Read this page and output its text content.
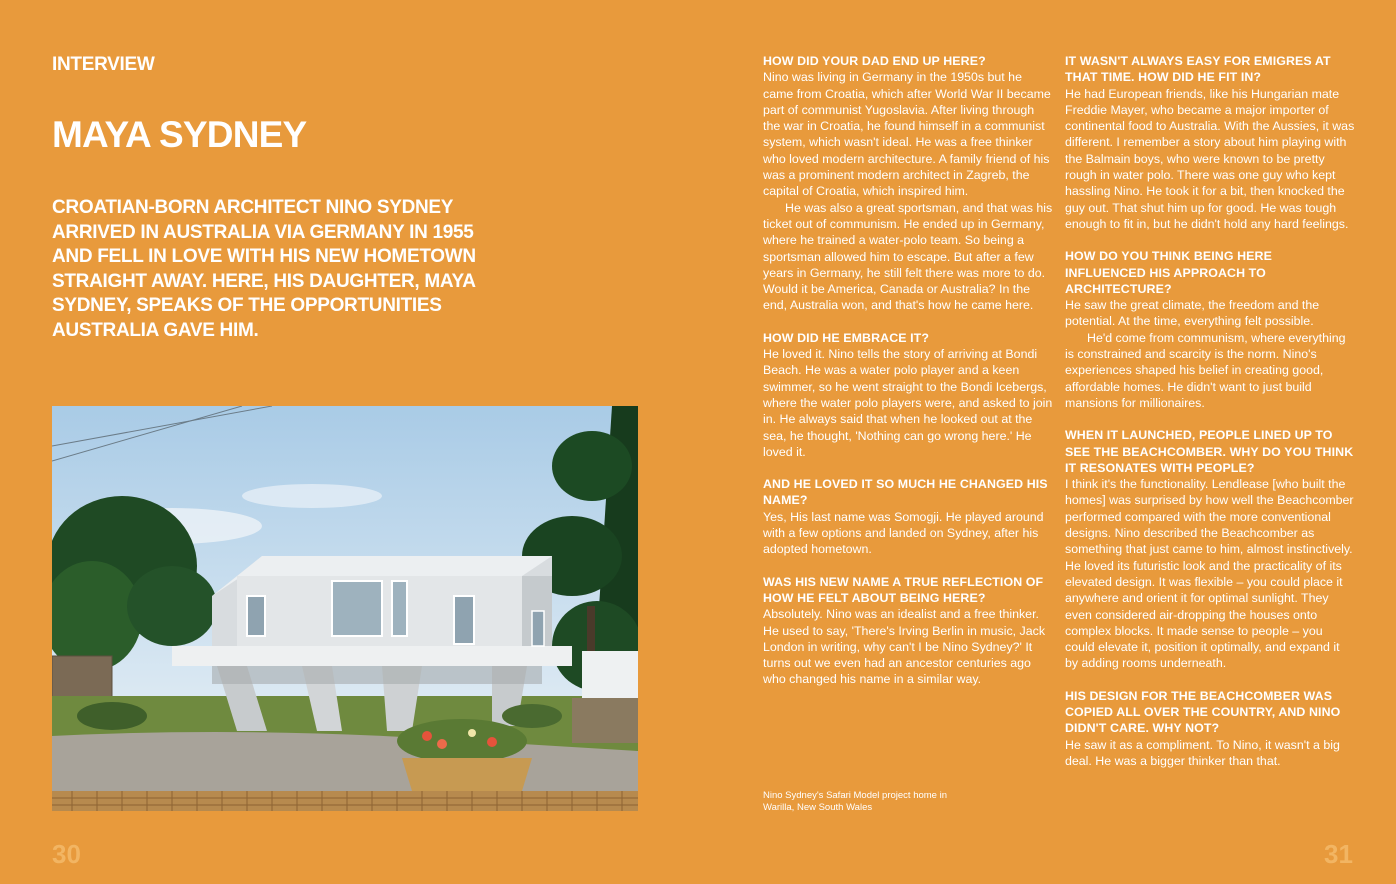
INTERVIEW
MAYA SYDNEY

CROATIAN-BORN ARCHITECT NINO SYDNEY ARRIVED IN AUSTRALIA VIA GERMANY IN 1955 AND FELL IN LOVE WITH HIS NEW HOMETOWN STRAIGHT AWAY. HERE, HIS DAUGHTER, MAYA SYDNEY, SPEAKS OF THE OPPORTUNITIES AUSTRALIA GAVE HIM.

HOW DID YOUR DAD END UP HERE?

Nino was living in Germany in the 1950s but he came from Croatia, which after World War II became part of communist Yugoslavia. After living through the war in Croatia, he found himself in a communist system, which wasn't ideal. He was a free thinker who loved modern architecture. A family friend of his was a prominent modern architect in Zagreb, the capital of Croatia, which inspired him.

He was also a great sportsman, and that was his ticket out of communism. He ended up in Germany, where he trained a water-polo team. So being a sportsman allowed him to escape. But after a few years in Germany, he still felt there was more to do. Would it be America, Canada or Australia? In the end, Australia won, and that's how he came here.

HOW DID HE EMBRACE IT?

He loved it. Nino tells the story of arriving at Bondi Beach. He was a water polo player and a keen swimmer, so he went straight to the Bondi Icebergs, where the water polo players were, and asked to join in. He always said that when he looked out at the sea, he thought, 'Nothing can go wrong here.' He loved it.

AND HE LOVED IT SO MUCH HE CHANGED HIS NAME?

Yes, His last name was Somogji. He played around with a few options and landed on Sydney, after his adopted hometown.

WAS HIS NEW NAME A TRUE REFLECTION OF HOW HE FELT ABOUT BEING HERE?

Absolutely. Nino was an idealist and a free thinker. He used to say, 'There's Irving Berlin in music, Jack London in writing, why can't I be Nino Sydney?' It turns out we even had an ancestor centuries ago who changed his name in a similar way.

IT WASN'T ALWAYS EASY FOR EMIGRES AT THAT TIME. HOW DID HE FIT IN?

He had European friends, like his Hungarian mate Freddie Mayer, who became a major importer of continental food to Australia. With the Aussies, it was different. I remember a story about him playing with the Balmain boys, who were known to be pretty rough in water polo. There was one guy who kept hassling Nino. He took it for a bit, then knocked the guy out. That shut him up for good. He was tough enough to fit in, but he didn't hold any hard feelings.

HOW DO YOU THINK BEING HERE INFLUENCED HIS APPROACH TO ARCHITECTURE?

He saw the great climate, the freedom and the potential. At the time, everything felt possible.

He'd come from communism, where everything is constrained and scarcity is the norm. Nino's experiences shaped his belief in creating good, affordable homes. He didn't want to just build mansions for millionaires.

WHEN IT LAUNCHED, PEOPLE LINED UP TO SEE THE BEACHCOMBER. WHY DO YOU THINK IT RESONATES WITH PEOPLE?

I think it's the functionality. Lendlease [who built the homes] was surprised by how well the Beachcomber performed compared with the more conventional designs. Nino described the Beachcomber as something that just came to him, almost instinctively. He loved its futuristic look and the practicality of its elevated design. It was flexible – you could place it anywhere and orient it for optimal sunlight. They even considered air-dropping the houses onto complex blocks. It made sense to people – you could elevate it, position it optimally, and expand it by adding rooms underneath.

HIS DESIGN FOR THE BEACHCOMBER WAS COPIED ALL OVER THE COUNTRY, AND NINO DIDN'T CARE. WHY NOT?

He saw it as a compliment. To Nino, it wasn't a big deal. He was a bigger thinker than that.

Nino Sydney's Safari Model project home in Warilla, New South Wales
30	31
